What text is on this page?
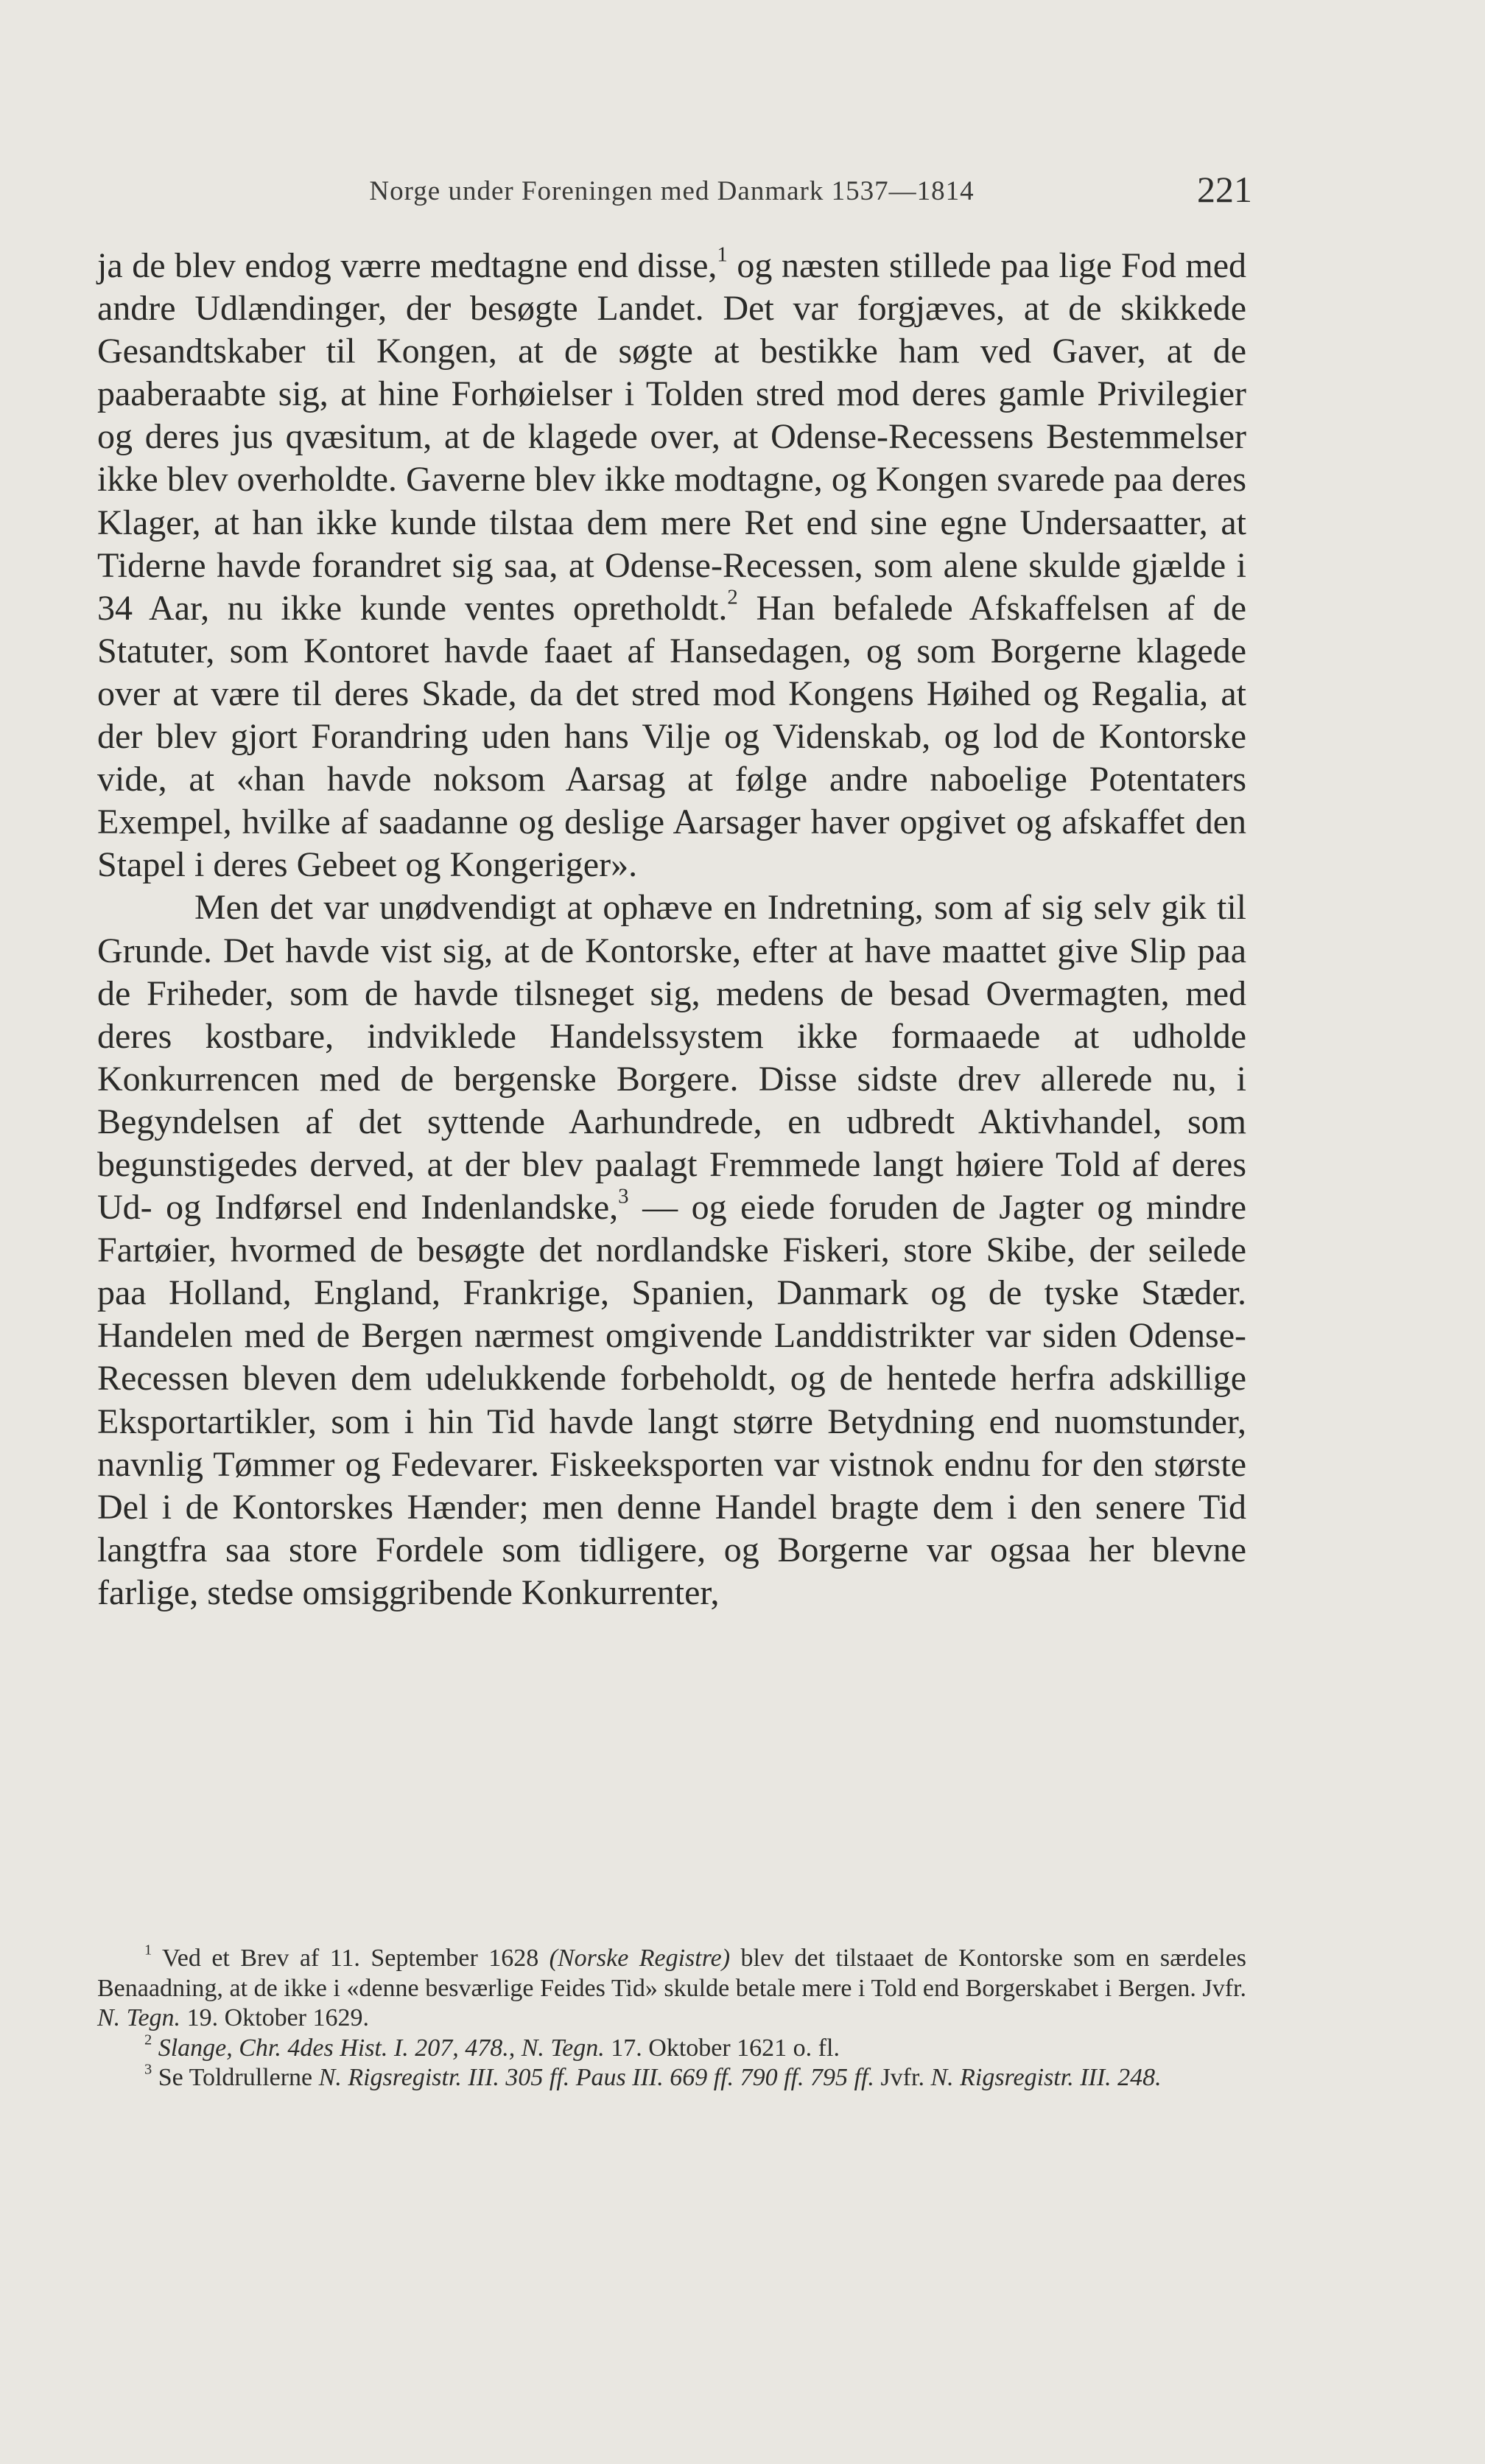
Norge under Foreningen med Danmark 1537—1814	221

ja de blev endog værre medtagne end disse,$^1$ og næsten stillede paa lige Fod med andre Udlændinger, der besøgte Landet. Det var forgjæves, at de skikkede Gesandtskaber til Kongen, at de søgte at bestikke ham ved Gaver, at de paaberaabte sig, at hine Forhøielser i Tolden stred mod deres gamle Privilegier og deres jus qvæsitum, at de klagede over, at Odense-Recessens Bestemmelser ikke blev overholdte. Gaverne blev ikke modtagne, og Kongen svarede paa deres Klager, at han ikke kunde tilstaa dem mere Ret end sine egne Undersaatter, at Tiderne havde forandret sig saa, at Odense-Recessen, som alene skulde gjælde i 34 Aar, nu ikke kunde ventes opretholdt.$^2$ Han befalede Afskaffelsen af de Statuter, som Kontoret havde faaet af Hansedagen, og som Borgerne klagede over at være til deres Skade, da det stred mod Kongens Høihed og Regalia, at der blev gjort Forandring uden hans Vilje og Videnskab, og lod de Kontorske vide, at «han havde noksom Aarsag at følge andre naboelige Potentaters Exempel, hvilke af saadanne og deslige Aarsager haver opgivet og afskaffet den Stapel i deres Gebeet og Kongeriger».

Men det var unødvendigt at ophæve en Indretning, som af sig selv gik til Grunde. Det havde vist sig, at de Kontorske, efter at have maattet give Slip paa de Friheder, som de havde tilsneget sig, medens de besad Overmagten, med deres kostbare, indviklede Handelssystem ikke formaaede at udholde Konkurrencen med de bergenske Borgere. Disse sidste drev allerede nu, i Begyndelsen af det syttende Aarhundrede, en udbredt Aktivhandel, som begunstigedes derved, at der blev paalagt Fremmede langt høiere Told af deres Ud- og Indførsel end Indenlandske,$^3$ — og eiede foruden de Jagter og mindre Fartøier, hvormed de besøgte det nordlandske Fiskeri, store Skibe, der seilede paa Holland, England, Frankrige, Spanien, Danmark og de tyske Stæder. Handelen med de Bergen nærmest omgivende Landdistrikter var siden Odense-Recessen bleven dem udelukkende forbeholdt, og de hentede herfra adskillige Eksportartikler, som i hin Tid havde langt større Betydning end nuomstunder, navnlig Tømmer og Fedevarer. Fiskeeksporten var vistnok endnu for den største Del i de Kontorskes Hænder; men denne Handel bragte dem i den senere Tid langtfra saa store Fordele som tidligere, og Borgerne var ogsaa her blevne farlige, stedse omsiggribende Konkurrenter,

$^1$ Ved et Brev af 11. September 1628 (Norske Registre) blev det tilstaaet de Kontorske som en særdeles Benaadning, at de ikke i «denne besværlige Feides Tid» skulde betale mere i Told end Borgerskabet i Bergen. Jvfr. N. Tegn. 19. Oktober 1629.

$^2$ Slange, Chr. 4des Hist. I. 207, 478., N. Tegn. 17. Oktober 1621 o. fl.

$^3$ Se Toldrullerne N. Rigsregistr. III. 305 ff. Paus III. 669 ff. 790 ff. 795 ff. Jvfr. N. Rigsregistr. III. 248.
